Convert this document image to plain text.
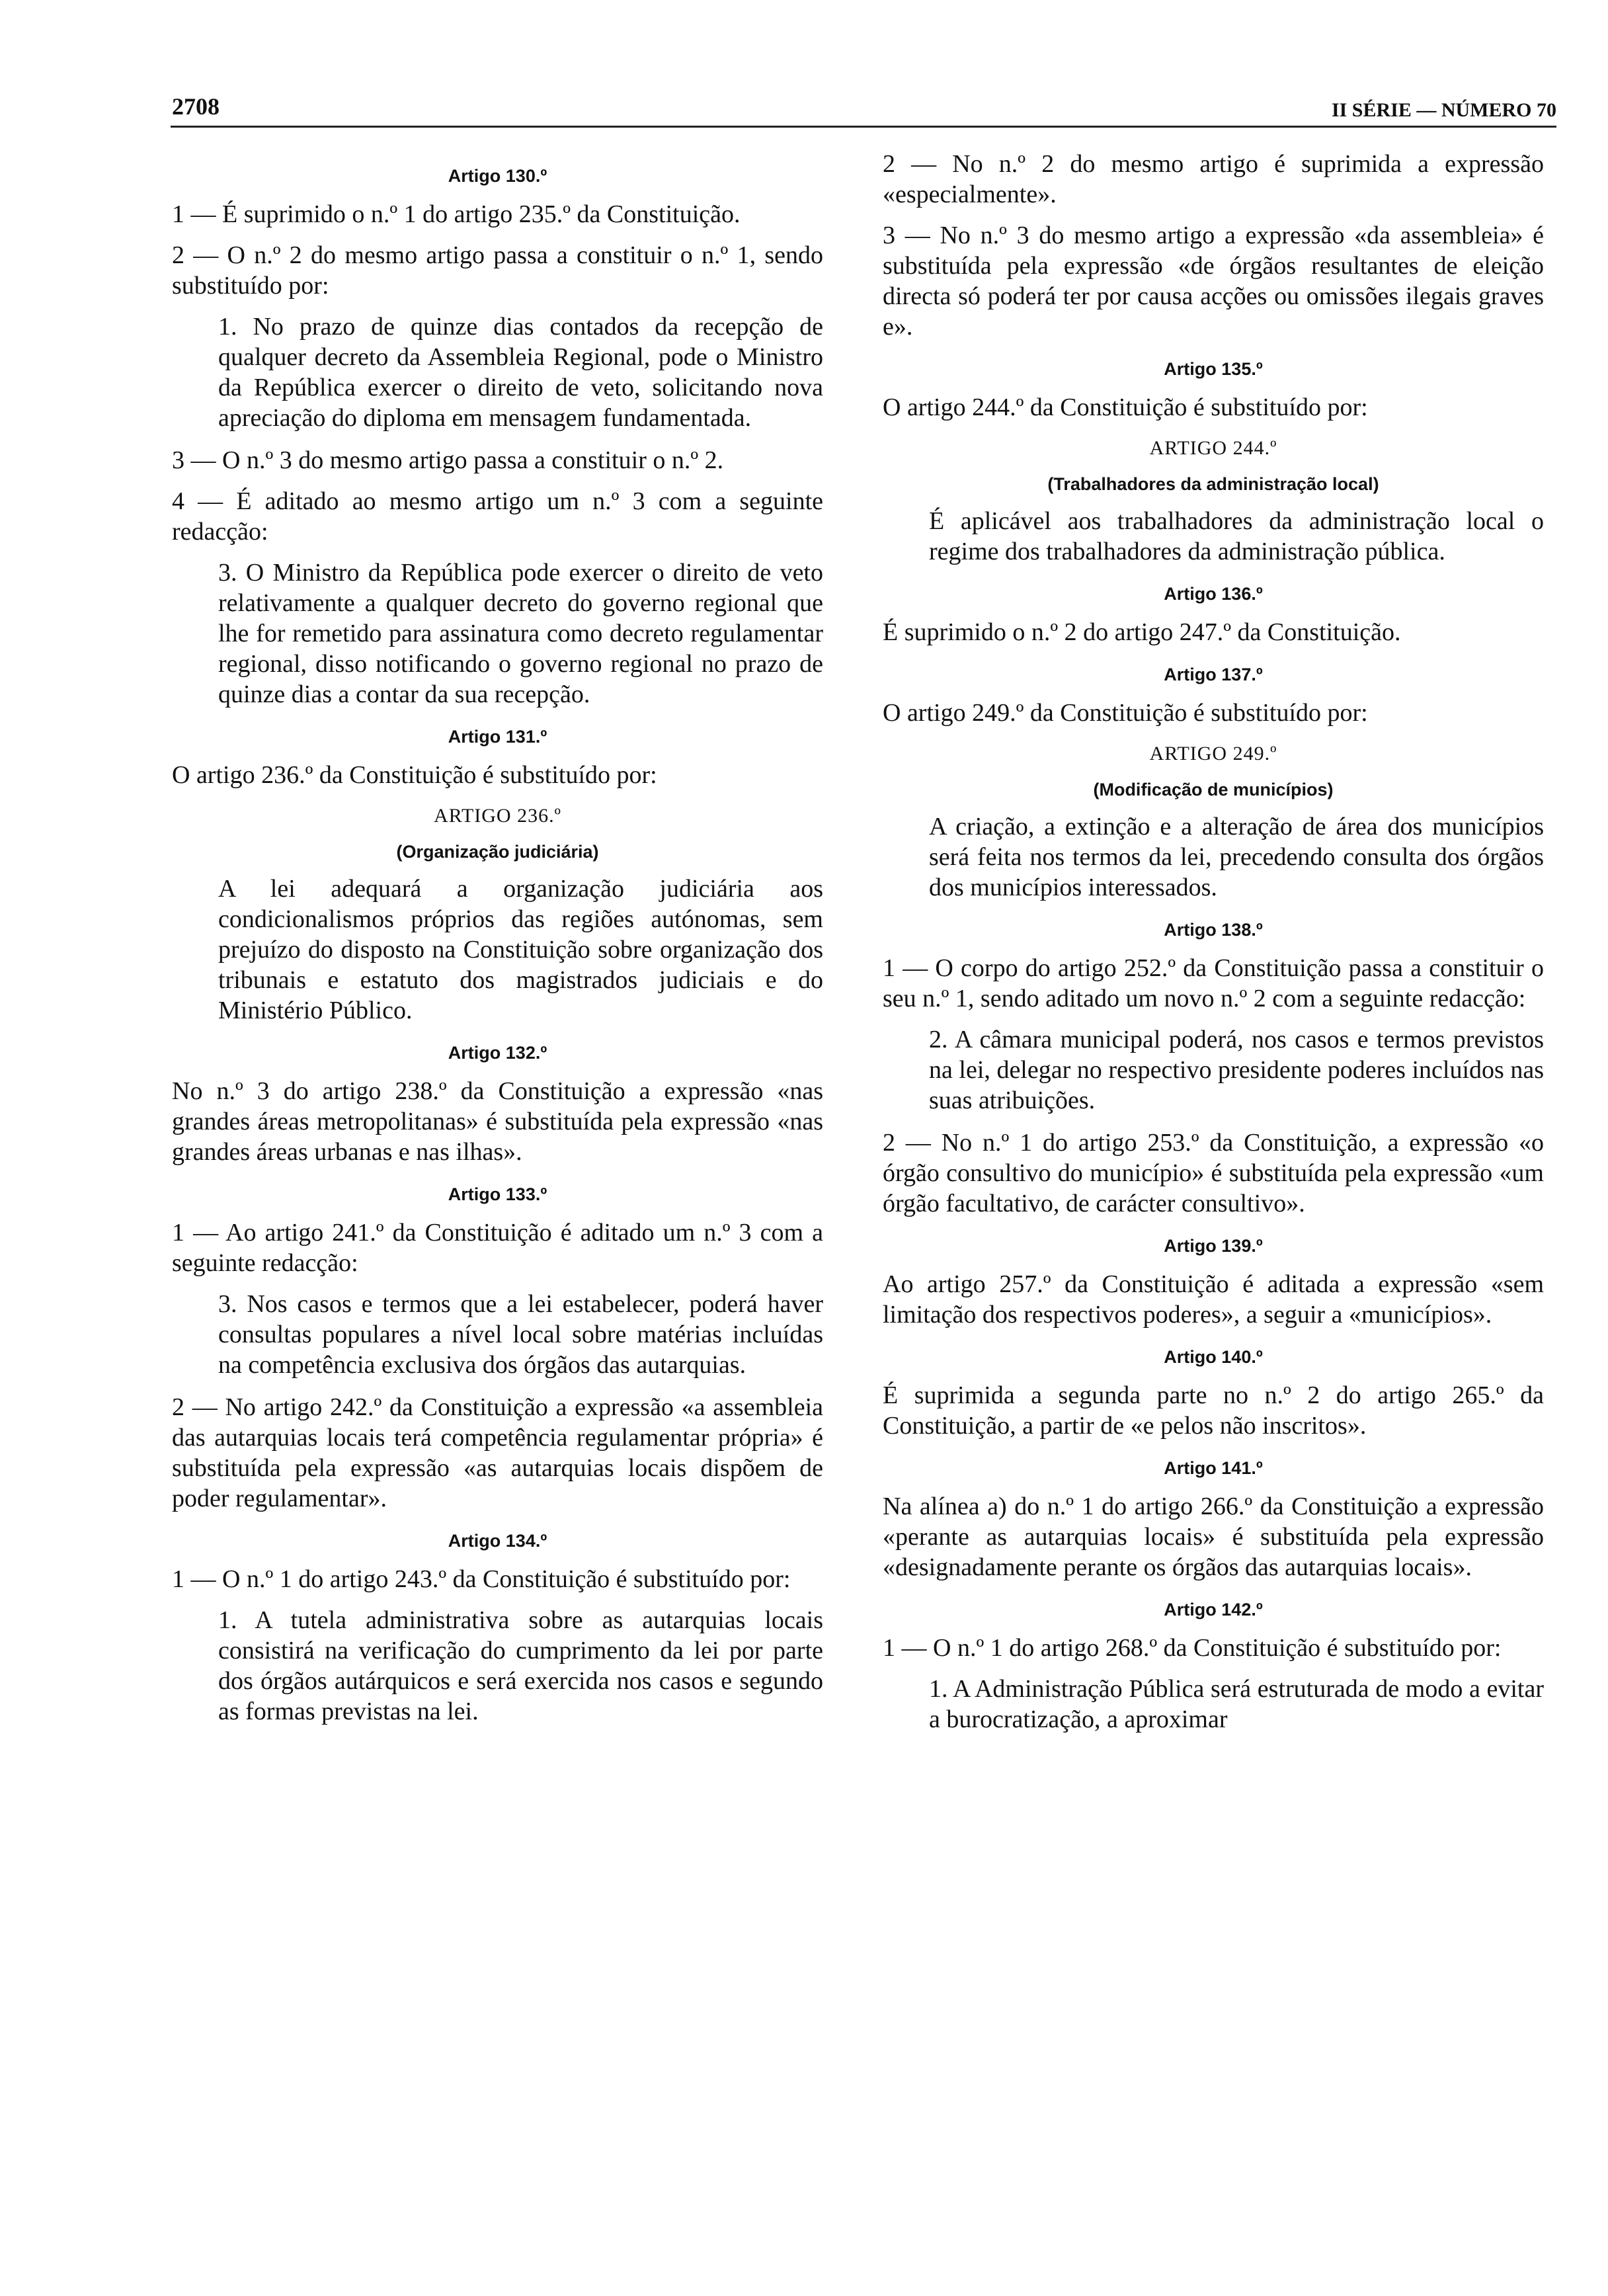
2708	II SÉRIE — NÚMERO 70
Artigo 130.º

1 — É suprimido o n.º 1 do artigo 235.º da Constituição.

2 — O n.º 2 do mesmo artigo passa a constituir o n.º 1, sendo substituído por:

1. No prazo de quinze dias contados da recepção de qualquer decreto da Assembleia Regional, pode o Ministro da República exercer o direito de veto, solicitando nova apreciação do diploma em mensagem fundamentada.

3 — O n.º 3 do mesmo artigo passa a constituir o n.º 2.

4 — É aditado ao mesmo artigo um n.º 3 com a seguinte redacção:

3. O Ministro da República pode exercer o direito de veto relativamente a qualquer decreto do governo regional que lhe for remetido para assinatura como decreto regulamentar regional, disso notificando o governo regional no prazo de quinze dias a contar da sua recepção.

Artigo 131.º

O artigo 236.º da Constituição é substituído por:

ARTIGO 236.º
(Organização judiciária)

A lei adequará a organização judiciária aos condicionalismos próprios das regiões autónomas, sem prejuízo do disposto na Constituição sobre organização dos tribunais e estatuto dos magistrados judiciais e do Ministério Público.

Artigo 132.º

No n.º 3 do artigo 238.º da Constituição a expressão «nas grandes áreas metropolitanas» é substituída pela expressão «nas grandes áreas urbanas e nas ilhas».

Artigo 133.º

1 — Ao artigo 241.º da Constituição é aditado um n.º 3 com a seguinte redacção:

3. Nos casos e termos que a lei estabelecer, poderá haver consultas populares a nível local sobre matérias incluídas na competência exclusiva dos órgãos das autarquias.

2 — No artigo 242.º da Constituição a expressão «a assembleia das autarquias locais terá competência regulamentar própria» é substituída pela expressão «as autarquias locais dispõem de poder regulamentar».

Artigo 134.º

1 — O n.º 1 do artigo 243.º da Constituição é substituído por:

1. A tutela administrativa sobre as autarquias locais consistirá na verificação do cumprimento da lei por parte dos órgãos autárquicos e será exercida nos casos e segundo as formas previstas na lei.

2 — No n.º 2 do mesmo artigo é suprimida a expressão «especialmente».

3 — No n.º 3 do mesmo artigo a expressão «da assembleia» é substituída pela expressão «de órgãos resultantes de eleição directa só poderá ter por causa acções ou omissões ilegais graves e».

Artigo 135.º

O artigo 244.º da Constituição é substituído por:

ARTIGO 244.º
(Trabalhadores da administração local)

É aplicável aos trabalhadores da administração local o regime dos trabalhadores da administração pública.

Artigo 136.º

É suprimido o n.º 2 do artigo 247.º da Constituição.

Artigo 137.º

O artigo 249.º da Constituição é substituído por:

ARTIGO 249.º
(Modificação de municípios)

A criação, a extinção e a alteração de área dos municípios será feita nos termos da lei, precedendo consulta dos órgãos dos municípios interessados.

Artigo 138.º

1 — O corpo do artigo 252.º da Constituição passa a constituir o seu n.º 1, sendo aditado um novo n.º 2 com a seguinte redacção:

2. A câmara municipal poderá, nos casos e termos previstos na lei, delegar no respectivo presidente poderes incluídos nas suas atribuições.

2 — No n.º 1 do artigo 253.º da Constituição, a expressão «o órgão consultivo do município» é substituída pela expressão «um órgão facultativo, de carácter consultivo».

Artigo 139.º

Ao artigo 257.º da Constituição é aditada a expressão «sem limitação dos respectivos poderes», a seguir a «municípios».

Artigo 140.º

É suprimida a segunda parte no n.º 2 do artigo 265.º da Constituição, a partir de «e pelos não inscritos».

Artigo 141.º

Na alínea a) do n.º 1 do artigo 266.º da Constituição a expressão «perante as autarquias locais» é substituída pela expressão «designadamente perante os órgãos das autarquias locais».

Artigo 142.º

1 — O n.º 1 do artigo 268.º da Constituição é substituído por:

1. A Administração Pública será estruturada de modo a evitar a burocratização, a aproximar
